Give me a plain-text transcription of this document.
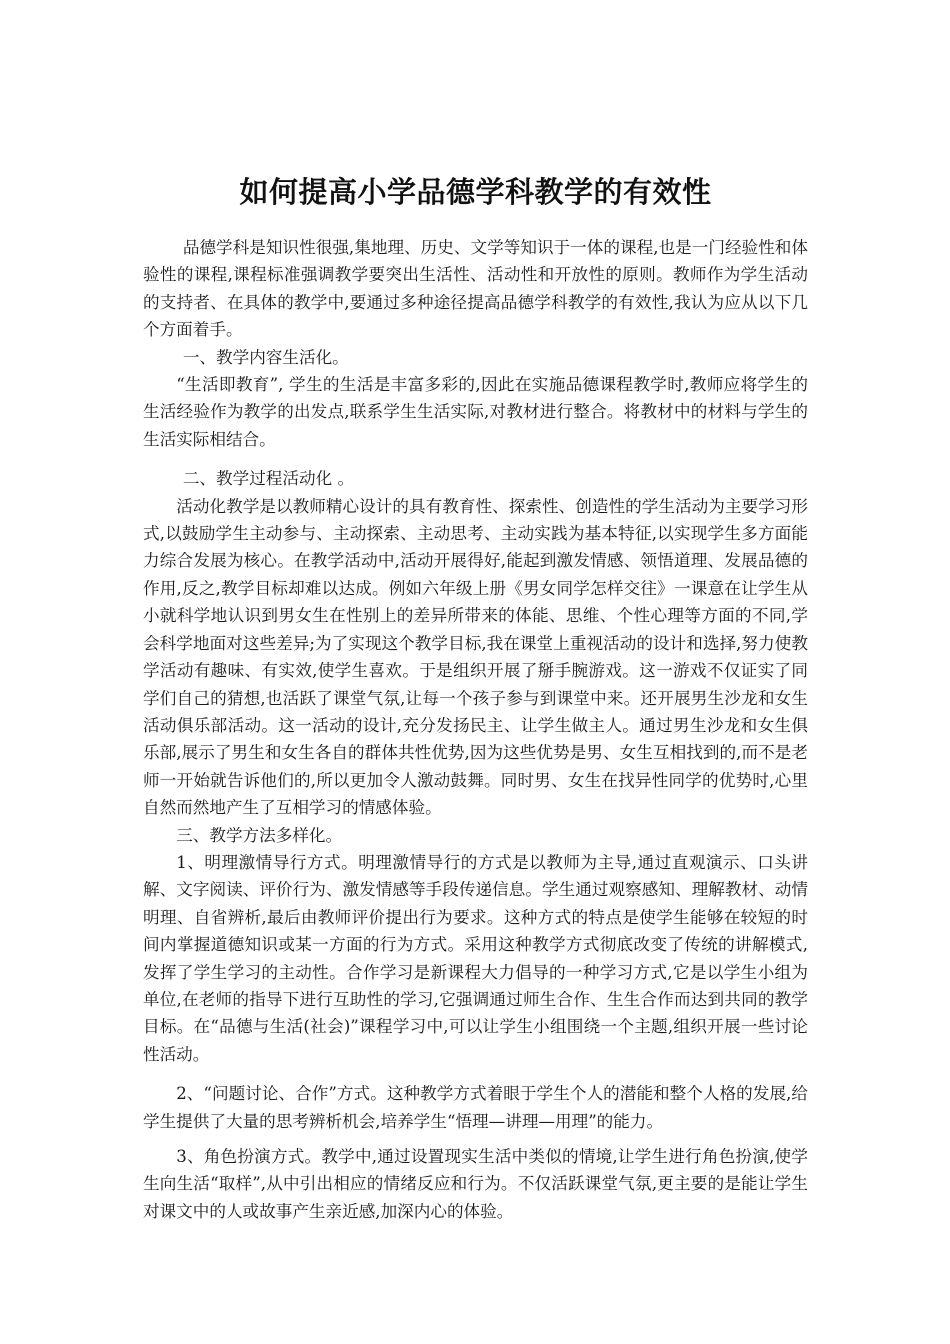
如何提高小学品德学科教学的有效性

品德学科是知识性很强,集地理、历史、文学等知识于一体的课程,也是一门经验性和体验性的课程,课程标准强调教学要突出生活性、活动性和开放性的原则。教师作为学生活动的支持者、在具体的教学中,要通过多种途径提高品德学科教学的有效性,我认为应从以下几个方面着手。

一、教学内容生活化。

“生活即教育”, 学生的生活是丰富多彩的,因此在实施品德课程教学时,教师应将学生的生活经验作为教学的出发点,联系学生生活实际,对教材进行整合。将教材中的材料与学生的生活实际相结合。

二、教学过程活动化 。

活动化教学是以教师精心设计的具有教育性、探索性、创造性的学生活动为主要学习形式,以鼓励学生主动参与、主动探索、主动思考、主动实践为基本特征,以实现学生多方面能力综合发展为核心。在教学活动中,活动开展得好,能起到激发情感、领悟道理、发展品德的作用,反之,教学目标却难以达成。例如六年级上册《男女同学怎样交往》一课意在让学生从小就科学地认识到男女生在性别上的差异所带来的体能、思维、个性心理等方面的不同,学会科学地面对这些差异;为了实现这个教学目标,我在课堂上重视活动的设计和选择,努力使教学活动有趣味、有实效,使学生喜欢。于是组织开展了掰手腕游戏。这一游戏不仅证实了同学们自己的猜想,也活跃了课堂气氛,让每一个孩子参与到课堂中来。还开展男生沙龙和女生活动俱乐部活动。这一活动的设计,充分发扬民主、让学生做主人。通过男生沙龙和女生俱乐部,展示了男生和女生各自的群体共性优势,因为这些优势是男、女生互相找到的,而不是老师一开始就告诉他们的,所以更加令人激动鼓舞。同时男、女生在找异性同学的优势时,心里自然而然地产生了互相学习的情感体验。

三、教学方法多样化。

1、明理激情导行方式。明理激情导行的方式是以教师为主导,通过直观演示、口头讲解、文字阅读、评价行为、激发情感等手段传递信息。学生通过观察感知、理解教材、动情明理、自省辨析,最后由教师评价提出行为要求。这种方式的特点是使学生能够在较短的时间内掌握道德知识或某一方面的行为方式。采用这种教学方式彻底改变了传统的讲解模式,发挥了学生学习的主动性。合作学习是新课程大力倡导的一种学习方式,它是以学生小组为单位,在老师的指导下进行互助性的学习,它强调通过师生合作、生生合作而达到共同的教学目标。在“品德与生活(社会)”课程学习中,可以让学生小组围绕一个主题,组织开展一些讨论性活动。

2、“问题讨论、合作”方式。这种教学方式着眼于学生个人的潜能和整个人格的发展,给学生提供了大量的思考辨析机会,培养学生“悟理—讲理—用理”的能力。

3、角色扮演方式。教学中,通过设置现实生活中类似的情境,让学生进行角色扮演,使学生向生活“取样”,从中引出相应的情绪反应和行为。不仅活跃课堂气氛,更主要的是能让学生对课文中的人或故事产生亲近感,加深内心的体验。
